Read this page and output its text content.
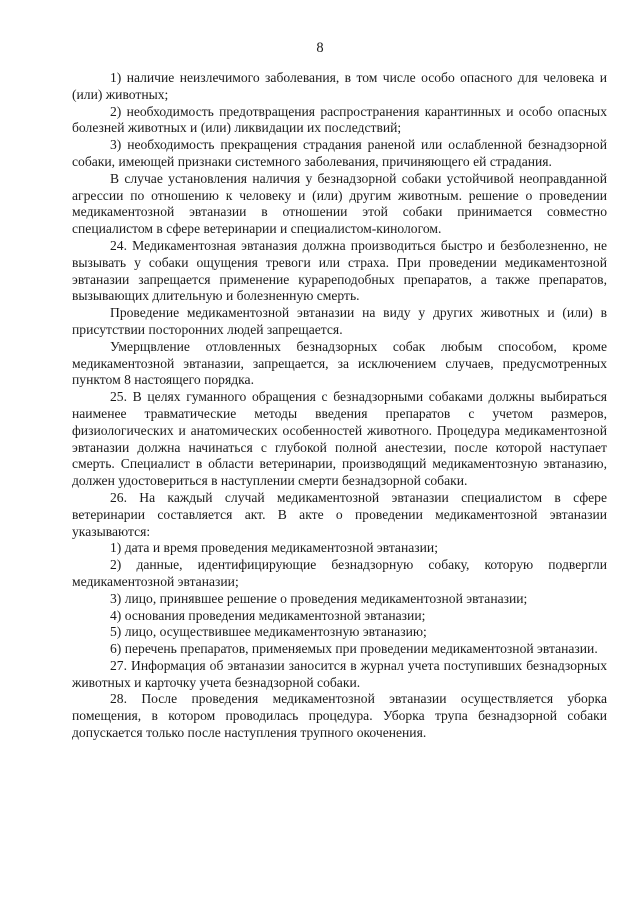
8

1) наличие неизлечимого заболевания, в том числе особо опасного для человека и (или) животных;

2) необходимость предотвращения распространения карантинных и особо опасных болезней животных и (или) ликвидации их последствий;

3) необходимость прекращения страдания раненой или ослабленной безнадзорной собаки, имеющей признаки системного заболевания, причиняющего ей страдания.

В случае установления наличия у безнадзорной собаки устойчивой неоправданной агрессии по отношению к человеку и (или) другим животным. решение о проведении медикаментозной эвтаназии в отношении этой собаки принимается совместно специалистом в сфере ветеринарии и специалистом-кинологом.

24. Медикаментозная эвтаназия должна производиться быстро и безболезненно, не вызывать у собаки ощущения тревоги или страха. При проведении медикаментозной эвтаназии запрещается применение курареподобных препаратов, а также препаратов, вызывающих длительную и болезненную смерть.

Проведение медикаментозной эвтаназии на виду у других животных и (или) в присутствии посторонних людей запрещается.

Умерщвление отловленных безнадзорных собак любым способом, кроме медикаментозной эвтаназии, запрещается, за исключением случаев, предусмотренных пунктом 8 настоящего порядка.

25. В целях гуманного обращения с безнадзорными собаками должны выбираться наименее травматические методы введения препаратов с учетом размеров, физиологических и анатомических особенностей животного. Процедура медикаментозной эвтаназии должна начинаться с глубокой полной анестезии, после которой наступает смерть. Специалист в области ветеринарии, производящий медикаментозную эвтаназию, должен удостовериться в наступлении смерти безнадзорной собаки.

26. На каждый случай медикаментозной эвтаназии специалистом в сфере ветеринарии составляется акт. В акте о проведении медикаментозной эвтаназии указываются:

1) дата и время проведения медикаментозной эвтаназии;

2) данные, идентифицирующие безнадзорную собаку, которую подвергли медикаментозной эвтаназии;

3) лицо, принявшее решение о проведения медикаментозной эвтаназии;

4) основания проведения медикаментозной эвтаназии;

5) лицо, осуществившее медикаментозную эвтаназию;

6) перечень препаратов, применяемых при проведении медикаментозной эвтаназии.

27. Информация об эвтаназии заносится в журнал учета поступивших безнадзорных животных и карточку учета безнадзорной собаки.

28. После проведения медикаментозной эвтаназии осуществляется уборка помещения, в котором проводилась процедура. Уборка трупа безнадзорной собаки допускается только после наступления трупного окоченения.
